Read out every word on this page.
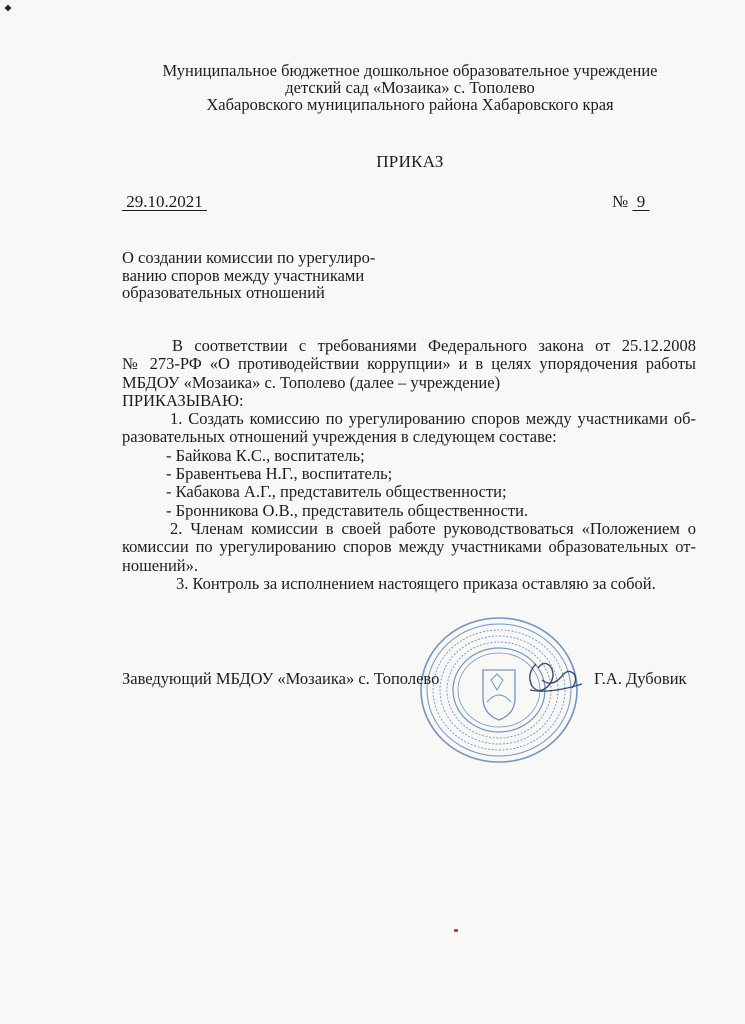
Муниципальное бюджетное дошкольное образовательное учреждение
детский сад «Мозаика» с. Тополево
Хабаровского муниципального района Хабаровского края
ПРИКАЗ
29.10.2021	№  9
О создании комиссии по урегулиро-
ванию споров между участниками
образовательных отношений
В соответствии с требованиями Федерального закона от 25.12.2008
№ 273-РФ «О противодействии коррупции» и в целях упорядочения работы
МБДОУ «Мозаика» с. Тополево (далее – учреждение)
ПРИКАЗЫВАЮ:
1. Создать комиссию по урегулированию споров между участниками об-
разовательных отношений учреждения в следующем составе:
- Байкова К.С., воспитатель;
- Бравентьева Н.Г., воспитатель;
- Кабакова А.Г., представитель общественности;
- Бронникова О.В., представитель общественности.
2. Членам комиссии в своей работе руководствоваться «Положением о
комиссии по урегулированию споров между участниками образовательных от-
ношений».
3. Контроль за исполнением настоящего приказа оставляю за собой.
Заведующий МБДОУ «Мозаика» с. Тополево	Г.А. Дубовик
